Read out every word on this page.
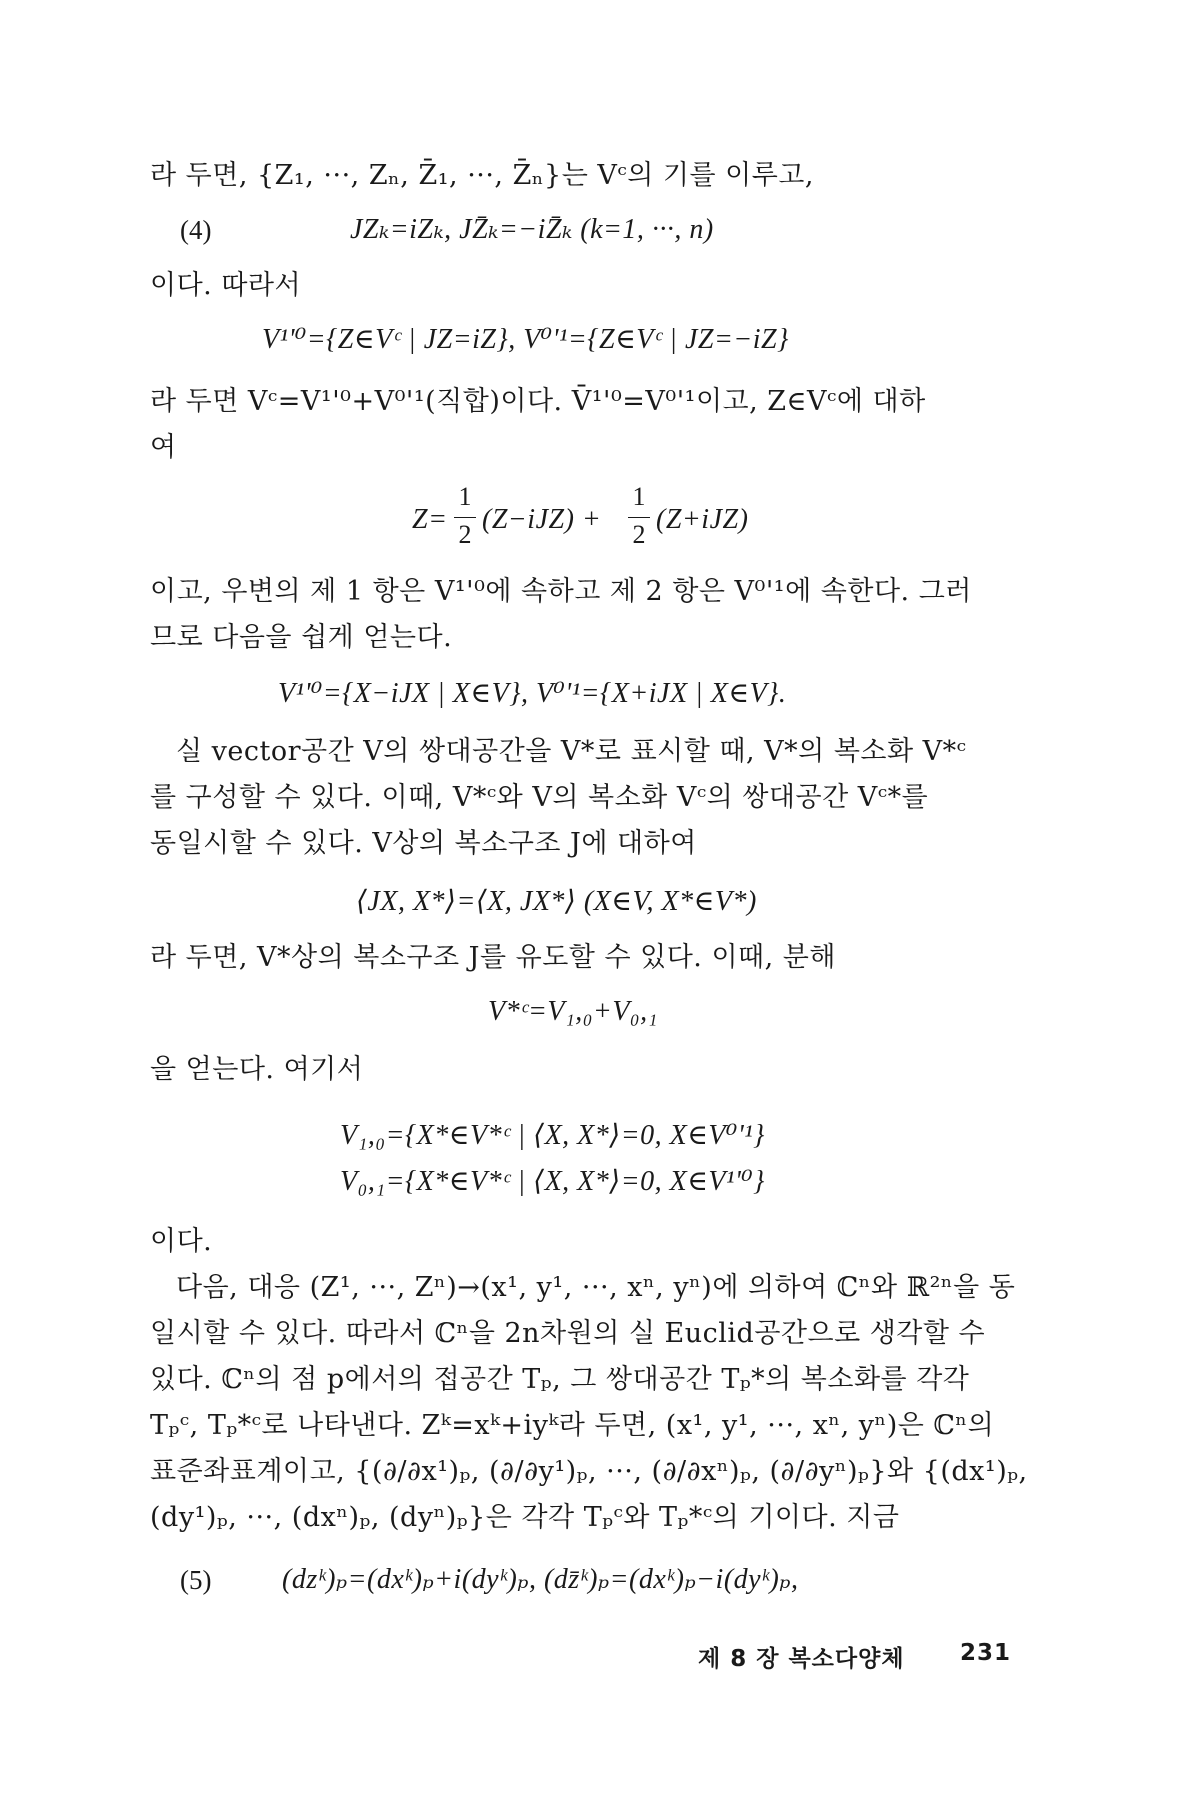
라 두면, {Z₁, ···, Zₙ, Z̄₁, ···, Z̄ₙ}는 Vᶜ의 기를 이루고,
(4)	JZₖ=iZₖ, JZ̄ₖ=−iZ̄ₖ (k=1, ···, n)
이다. 따라서
V¹'⁰={Z∈Vᶜ | JZ=iZ}, V⁰'¹={Z∈Vᶜ | JZ=−iZ}
라 두면 Vᶜ=V¹'⁰+V⁰'¹(직합)이다. V̄¹'⁰=V⁰'¹이고, Z∈Vᶜ에 대하
여
Z=
1
2 (Z−iJZ) +
1
2 (Z+iJZ)
이고, 우변의 제 1 항은 V¹'⁰에 속하고 제 2 항은 V⁰'¹에 속한다. 그러
므로 다음을 쉽게 얻는다.
V¹'⁰={X−iJX | X∈V}, V⁰'¹={X+iJX | X∈V}.
실 vector공간 V의 쌍대공간을 V*로 표시할 때, V*의 복소화 V*ᶜ
를 구성할 수 있다. 이때, V*ᶜ와 V의 복소화 Vᶜ의 쌍대공간 Vᶜ*를
동일시할 수 있다. V상의 복소구조 J에 대하여
⟨JX, X*⟩=⟨X, JX*⟩ (X∈V, X*∈V*)
라 두면, V*상의 복소구조 J를 유도할 수 있다. 이때, 분해
V*ᶜ=V₁,₀+V₀,₁
을 얻는다. 여기서
V₁,₀={X*∈V*ᶜ | ⟨X, X*⟩=0, X∈V⁰'¹}
V₀,₁={X*∈V*ᶜ | ⟨X, X*⟩=0, X∈V¹'⁰}
이다.
다음, 대응 (Z¹, ···, Zⁿ)→(x¹, y¹, ···, xⁿ, yⁿ)에 의하여 ℂⁿ와 ℝ²ⁿ을 동
일시할 수 있다. 따라서 ℂⁿ을 2n차원의 실 Euclid공간으로 생각할 수
있다. ℂⁿ의 점 p에서의 접공간 Tₚ, 그 쌍대공간 Tₚ*의 복소화를 각각
Tₚᶜ, Tₚ*ᶜ로 나타낸다. Zᵏ=xᵏ+iyᵏ라 두면, (x¹, y¹, ···, xⁿ, yⁿ)은 ℂⁿ의
표준좌표계이고, {(∂/∂x¹)ₚ, (∂/∂y¹)ₚ, ···, (∂/∂xⁿ)ₚ, (∂/∂yⁿ)ₚ}와 {(dx¹)ₚ,
(dy¹)ₚ, ···, (dxⁿ)ₚ, (dyⁿ)ₚ}은 각각 Tₚᶜ와 Tₚ*ᶜ의 기이다. 지금
(5)	(dzᵏ)ₚ=(dxᵏ)ₚ+i(dyᵏ)ₚ, (dz̄ᵏ)ₚ=(dxᵏ)ₚ−i(dyᵏ)ₚ,
제 8 장 복소다양체 231
